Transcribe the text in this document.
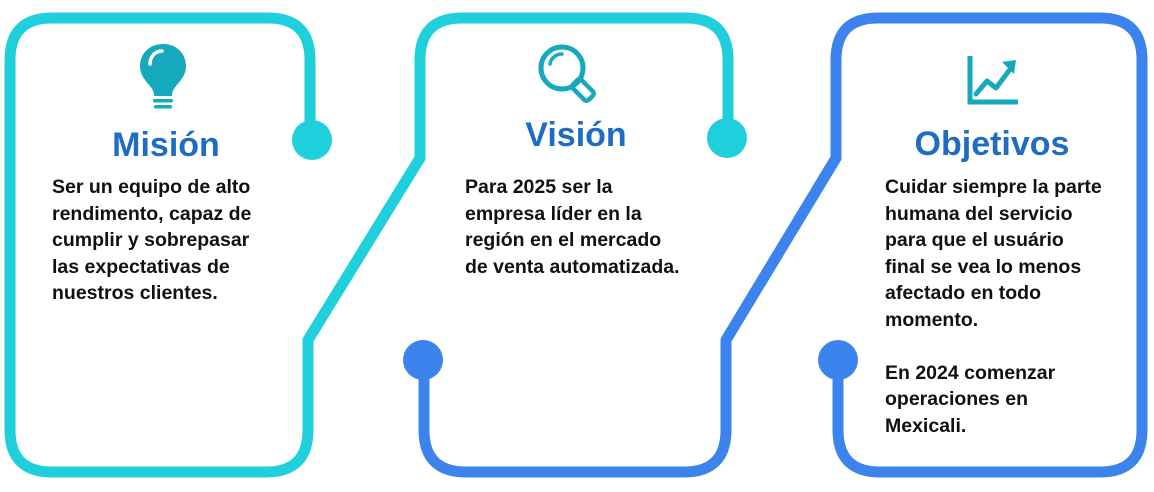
Misión
Ser un equipo de alto
rendimento, capaz de
cumplir y sobrepasar
las expectativas de
nuestros clientes.
Visión
Para 2025 ser la
empresa líder en la
región en el mercado
de venta automatizada.
Objetivos
Cuidar siempre la parte
humana del servicio
para que el usuário
final se vea lo menos
afectado en todo
momento.
En 2024 comenzar
operaciones en
Mexicali.
